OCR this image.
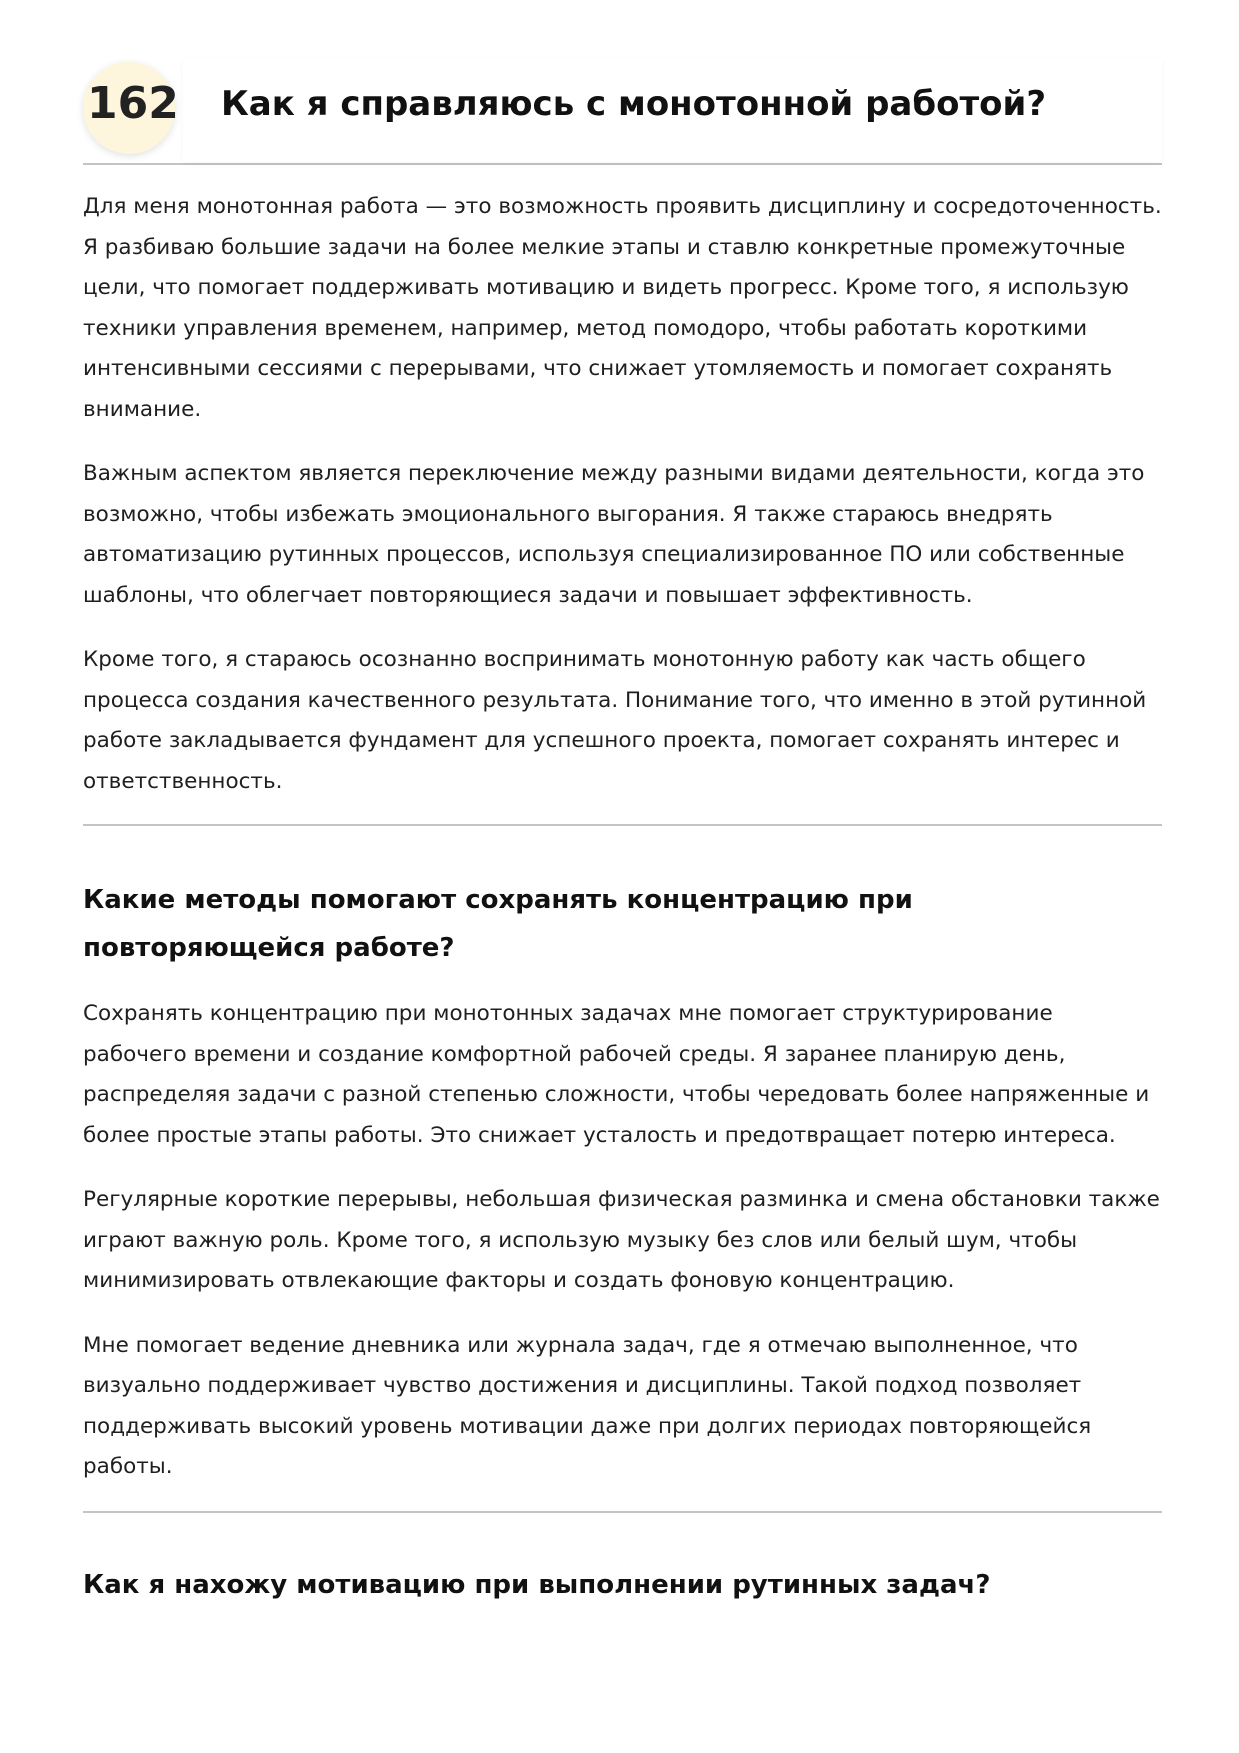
162 Как я справляюсь с монотонной работой?

Для меня монотонная работа — это возможность проявить дисциплину и сосредоточенность. Я разбиваю большие задачи на более мелкие этапы и ставлю конкретные промежуточные цели, что помогает поддерживать мотивацию и видеть прогресс. Кроме того, я использую техники управления временем, например, метод помодоро, чтобы работать короткими интенсивными сессиями с перерывами, что снижает утомляемость и помогает сохранять внимание.

Важным аспектом является переключение между разными видами деятельности, когда это возможно, чтобы избежать эмоционального выгорания. Я также стараюсь внедрять автоматизацию рутинных процессов, используя специализированное ПО или собственные шаблоны, что облегчает повторяющиеся задачи и повышает эффективность.

Кроме того, я стараюсь осознанно воспринимать монотонную работу как часть общего процесса создания качественного результата. Понимание того, что именно в этой рутинной работе закладывается фундамент для успешного проекта, помогает сохранять интерес и ответственность.

Какие методы помогают сохранять концентрацию при повторяющейся работе?

Сохранять концентрацию при монотонных задачах мне помогает структурирование рабочего времени и создание комфортной рабочей среды. Я заранее планирую день, распределяя задачи с разной степенью сложности, чтобы чередовать более напряженные и более простые этапы работы. Это снижает усталость и предотвращает потерю интереса.

Регулярные короткие перерывы, небольшая физическая разминка и смена обстановки также играют важную роль. Кроме того, я использую музыку без слов или белый шум, чтобы минимизировать отвлекающие факторы и создать фоновую концентрацию.

Мне помогает ведение дневника или журнала задач, где я отмечаю выполненное, что визуально поддерживает чувство достижения и дисциплины. Такой подход позволяет поддерживать высокий уровень мотивации даже при долгих периодах повторяющейся работы.

Как я нахожу мотивацию при выполнении рутинных задач?
